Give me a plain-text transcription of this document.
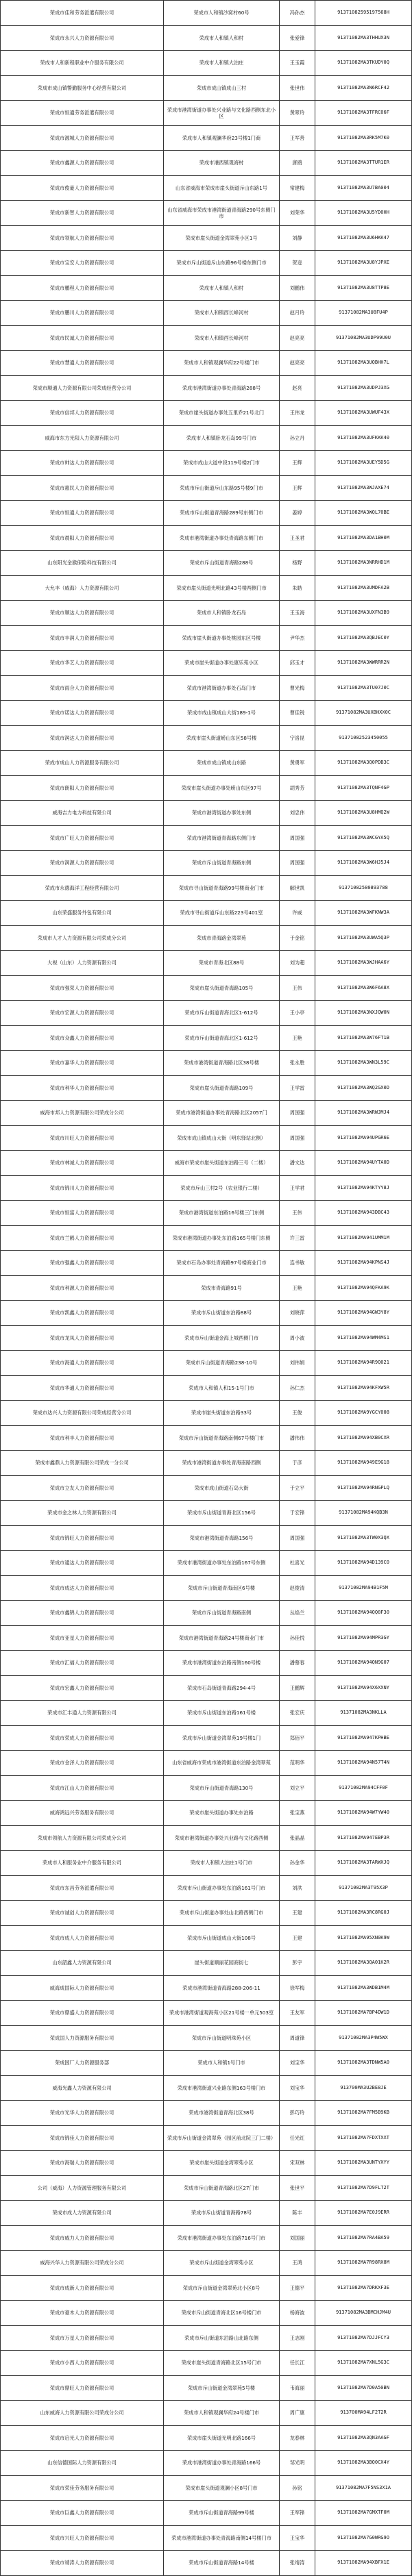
荣成市佳和劳务派遣有限公司	荣成市人和镇沙窝村60号	冯孙杰	91371082595197568H
荣成市永兴人力资源有限公司	荣成市人和镇人和村	张爱锋	91371082MA3THHUX3N
荣成市人和新程职业中介服务有限公司	荣成市人和镇大泊庄	王玉霞	91371082MA3TKUDY0Q
荣成市成山镇警勤服务中心经营有限公司	荣成市成山镇成山三村	张世伟	91371082MA3N6RCF42
荣成市恒通劳务派遣有限公司	荣成市港湾街道办事处兴业路与文化路西侧东北小区	黄翠玲	91371082MA3TFRC06F
荣成市源城人力资源有限公司	荣成市人和镇观澜华府23号楼1门商	王军善	91371082MA3RK5M7K0
荣成市鑫源人力资源有限公司	荣成市港西镇观海村	唐鸥	91371082MA3TTUR1ER
荣成市俊豪人力资源有限公司	山东省威海市荣成市崖头街道斥山东路1号	常建梅	91371082MA3U7BA004
荣成市新智人力资源有限公司	山东省威海市荣成市港湾街道青海路290号东侧门市	刘荣华	91371082MA3U5YD0HH
荣成市领航人力资源有限公司	荣成市崖头街道金湾翠苑小区1号	刘静	91371082MA3U6HKK47
荣成市宝安人力资源有限公司	荣成市斥山街道斥山东路96号楼东侧门市	贺迩	91371082MA3U8YJPXE
荣成市鹏程人力资源有限公司	荣成市人和镇人和村	刘鹏伟	91371082MA3U8TTP8E
荣成市鹏川人力资源有限公司	荣成市人和镇西长峰河村	赵月玲	91371082MA3U8FU4P
荣成市民诚人力资源有限公司	荣成市人和镇西长峰河村	赵亮亮	91371082MA3UDP99U0U
荣成市慧通人力资源有限公司	荣成市人和镇观澜华府22号楼门市	赵亮亮	91371082MA3UQBHH7L
荣成市顺通人力资源有限公司荣成经营分公司	荣成市港湾街道办事处青海路288号	赵亮	91371082MA3UDPJ3XG
荣成市信邦人力资源有限公司	荣成市崖头街道办事处五里乔21号北门	王伟龙	91371082MA3UWUF43X
威海市东方光阳人力资源有限公司	荣成市人和镇卧龙石岛99号门市	孙立丹	91371082MA3UFKKK40
荣成市帅达人力资源有限公司	荣成市成山大道中段119号楼2门市	王辉	91371082MA3UEY5D5G
荣成市惠民人力资源有限公司	荣成市斥山街道斥山东路95号楼9门市	王辉	91371082MA3WJAXE74
荣成市恒通人力资源有限公司	荣成市斥山街道青海路289号东侧门市	姜婷	91371082MA3WQL70BE
荣成市晨阳人力资源有限公司	荣成市港湾街道办事处青海路东侧门市	王圣君	91371082MA3DA1BH0M
山东阳光金猴保险科技有限公司	荣成市斥山街道青海路288号	杨野	91371082MA3NRRHD1M
大允丰（威海）人力资源有限公司	荣成市崖头街道光明北路43号楼两侧门市	朱皓	91371082MA3UMDFA2B
荣成市顺达人力资源有限公司	荣成市人和镇卧龙石岛	王玉海	91371082MA3UXFN3B9
荣成市丰润人力资源有限公司	荣成市崖头街道办事处桃园东区号楼	尹华杰	91371082MA3QBJEC0Y
荣成市华艺人力资源有限公司	荣成市崖头街道办事处康乐苑小区	邱玉才	91371082MA3WWRRR2N
荣成市雨合人力资源有限公司	荣成市港湾街道办事处石岛门市	曹光梅	91371082MA3TU07J0C
荣成市诺达人力资源有限公司	荣成市成山镇成山大街189-1号	曹佳锐	91371082MA3UXBHXX0C
荣成市润达人力资源有限公司	荣成市崖头街道崂山东区58号楼	宁洛昆	91371082523450055
荣成市成山人力资源服务有限公司	荣成市成山镇成山东路	黄勇军	91371082MA3Q0PDB3C
荣成市朗阳人力资源有限公司	荣成市崖头街道办事处崂山东区97号	胡秀芳	91371082MA3TQNF4GP
威海吉力电力科技有限公司	荣成市港湾街道办事处东侧	刘忠伟	91371082MA3U8HMQ2W
荣成市广旺人力资源有限公司	荣成市港湾街道青海路东侧门市	周国强	91371082MA3WCGYA5Q
荣成市润源人力资源有限公司	荣成市斥山街道青海路东侧	周国强	91371082MA3W6HJ5J4
荣成市永德海洋工程经营有限公司	荣成市寻山街道青海路99号楼商业门市	解世凯	91371082580893788
山东荣盛服务外包有限公司	荣成市寻山街道斥山东路223号401室	许威	91371082MA3WFKNW3A
荣成市人才人力资源有限公司荣成分公司	荣成市青海路金湾翠苑	于金铭	91371082MA3UWA5Q3P
大视（山东）人力资源有限公司	荣成市青海北区88号	刘为超	91371082MA3WJHAA6Y
荣成市强荣人力资源有限公司	荣成市崖头街道青海路105号	王伟	91371082MA3W6F6A8X
荣成市宏源人力资源有限公司	荣成市斥山街道青海北区1-612号	王小亭	91371082MA3NXJQW0N
荣成市众鑫人力资源有限公司	荣成市斥山街道青海北区1-612号	王艳	91371082MA3W76FT1B
荣成市嘉华人力资源有限公司	荣成市港湾街道青海路北区38号楼	张永胜	91371082MA3WN3L59C
荣成市利华人力资源有限公司	荣成市崖头街道青海路109号	王学雷	91371082MA3WQ2GX0D
威海市邦人力资源有限公司荣成分公司	荣成市港湾街道办事处青海路北区2057门	周国强	91371082MA3WRWJMJ4
荣成市川旺人力资源有限公司	荣成市成山镇成山大街（明东驿站北侧）	周国强	91371082MA94UPGR6E
荣成市林诚人力资源有限公司	威海市荣成市崖头街道东泊路三号（二楼）	潘文达	91371082MA94UYTA0D
荣成市锦川人力资源有限公司	荣成市斥山三村2号（农业银行二楼）	王学君	91371082MA94KTYY8J
荣成市恒富人力资源有限公司	荣成市港湾街道东泊路16号楼三门东侧	王伟	91371082MA943DBC43
荣成市兰鹤人力资源有限公司	荣成市港湾街道办事处东泊路165号楼门东侧	许三雷	91371082MA941UMM1M
荣成市强鑫人力资源有限公司	荣成市石岛办事处青海路97号楼商业门市	连书敏	91371082MA94KPNS4J
荣成市利源人力资源有限公司	荣成市青海路91号	王艳	91371082MA94QFKA9K
荣成市凯鑫人力资源有限公司	荣成市斥山街道东泊路88号	刘晓萍	91371082MA94GW3Y8Y
荣成市龙凤人力资源有限公司	荣成市斥山街道金海上城西侧门市	周小波	91371082MA94WM4MS1
荣成市海通人力资源有限公司	荣成市斥山街道青海路238-10号	刘伟娟	91371082MA94R9Q021
荣成市华通人力资源有限公司	荣成市人和镇人和15-1号门市	孙仁杰	91371082MA94KFXW5R
荣成市达兴人力资源有限公司荣成经营分公司	荣成市崖头街道东泊路33号	王俊	91371082MA9YGCY008
荣成市利丰人力资源有限公司	荣成市斥山街道青海路南侧67号楼门市	潘伟伟	91371082MA94XB0CXR
荣成市鑫鼎人力资源有限公司荣成一分公司	荣成市港湾街道办事处青海南路西侧	于彦	91371082MA949E9G18
荣成市立友人力资源有限公司	荣成市成山街道石岛大街	于立平	91371082MA94RNGPLQ
荣成市金之林人力资源有限公司	荣成市斥山街道青海北区156号	于宏锋	91371082MA94KQB3N
荣成市锦旺人力资源有限公司	荣成市港湾街道青海路156号	周国强	91371082MA3TW0X3QX
荣成市通达人力资源有限公司	荣成市港湾街道办事处东泊路167号东侧	杜喜光	91371082MA94D139C0
荣成市成达人力资源有限公司	荣成市斥山街道青海南区6号楼	赵俊清	91371082MA94B1F5M
荣成市鑫锦人力资源有限公司	荣成市斥山街道青海路南侧	丛焰兰	91371082MA94QQ8F30
荣成市亚星人力资源有限公司	荣成市港湾街道青海路24号楼商业门市	孙佳悦	91371082MA94MPR3GY
荣成市汇福人力资源有限公司	荣成市港湾街道东泊路南侧160号楼	潘慕春	91371082MA94QN9G07
荣成市宏鑫人力资源有限公司	荣成市石岛街道青海路294-4号	王鹏辉	91371082MA94X6XXNY
荣成市汇丰通人力资源有限公司	荣成市斥山街道东泊路161号楼	张宏庆	91371082MA3NKLLA
荣成市荣成人力资源有限公司	荣成市斥山街道金湾翠苑19号楼1门	郑佰平	91371082MA947KPHBE
荣成市金泽人力资源有限公司	山东省威海市荣成市港湾街道东泊路金湾翠苑	范明华	91371082MA94N57T4N
荣成市江山人力资源有限公司	荣成市斥山街道青海路130号	刘立平	91371082MA94CFF0F
威海鸿远兴劳务服务有限公司	荣成市崖头街道办事处东泊路	张宝燕	91371082MA94W7YW40
荣成市领航人力资源有限公司荣成分公司	荣成市港湾街道办事处兴业路与文化路西侧	张晶晶	91371082MA947EBP3R
荣成市人和服务业中介服务有限公司	荣成市人和镇大泊庄1号门市	孙金华	91371082MA3TARWXJQ
荣成市东昌劳务派遣有限公司	荣成市斥山街道办事处东泊路161号门市	刘洪	91371082MA3T95X3P
荣成市诚创人力资源有限公司	荣成市斥山街道办事处山北路西侧门市	王建	91371082MA3RC8RG0J
荣成市成人人力资源有限公司	荣成市斥山街道成山大街108号	王建	91371082MA95XN0K9W
山东韶鑫人力资源有限公司	崖头街道顺丽花园商街七	彭宇	91371082MA3QA01K2R
威海成国际人力资源有限公司	荣成市港湾街道青海路288-206-11	徐军梅	91371082MA3WDB1M4M
荣成市鼎盛人力资源有限公司	荣成市港湾街道观海苑小区21号楼一单元503室	王友军	91371082MA7BP4DW1D
荣成国人力资源服务有限公司	荣成市斥山街道明珠苑小区	周道锋	91371082MA3P4W5WX
荣成国厂人力资源服务部	荣成市人和镇1号门市	刘宝华	91371082MA3TDNW5A0
威海光鑫人力资源有限公司	荣成市港湾街道兴业路东侧163号楼门市	刘宝华	913700MA3U2BE8JE
荣成市光华人力资源有限公司	荣成市港湾街道青海北区38号	彭巧玲	91371082MA7FM5B9KB
荣成市锦佳人力资源有限公司	荣成市斥山街道金湾翠苑（园区前北院三门二楼）	任光红	91371082MA7FDXTXXT
荣成市海瑞人力资源有限公司	荣成市崖头街道金湾翠苑小区	宋双林	91371082MA3UNTYXYY
公司（威海）人力资源管理服务有限公司	荣成市斥山街道青海路北区27门市	张世平	91371082MA7D9FLT2T
荣成市成人力资源有限公司	荣成市斥山街道青海路78号	陈丰	91371082MA7E0J9ERR
荣成市威力人力资源有限公司	荣成市港湾街道办事处东泊路716号门市	刘国丽	91371082MA7RA4BA59
威海兴华人力资源有限公司荣成分公司	荣成市斥山街道金湾翠苑小区	王鸿	91371082MA7R98RX8M
荣成市成新人力资源有限公司	荣成市斥山街道金湾翠苑北小区8号	王德平	91371082MA7DRKXF3E
荣成市豪木人力资源有限公司	荣成市斥山街道青海北区16号楼门市	杨海波	91371082MA3BMCHJM4U
荣成市万星人力资源有限公司	荣成市斥山街道东泊路山北路东侧	王志刚	91371082MA7DJJFCY3
荣成市小西人力资源有限公司	荣成市崖头街道青海路北区15号门市	任长江	91371082MA7XNL5G3C
荣成市鼎旺人力资源有限公司	荣成市斥山街道金湾翠苑5号楼	韦海丽	91371082MA7D0A50BN
山东威海人力资源有限公司荣成分公司	荣成市人和镇观澜华府24号楼门市	周广康	913700MA94LF2T2R
荣成市启光人力资源有限公司	荣成市崖头街道光明北路166号	龙春林	91371082MA3QN3AAGF
山东信德国际人力资源有限公司	荣成市港湾街道办事处青海路166号	邹光明	91371082MA3BQ0CX4Y
荣成市荣佳劳务服务有限公司	荣成市崖头街道观澜小区8号门市	孙铭	91371082MA7F5NS3X1A
荣成市巨鑫人力资源有限公司	荣成市斥山街道青海路99号楼	王军锋	91371082MA7GMXTF0M
荣成市兴旺人力资源有限公司	荣成市港湾街道办事处青海路南侧14号楼门市	王宝华	91371082MA7G0WRG9O
荣成市靖涛人力资源有限公司	荣成市斥山街道青海路14号楼	张靖涛	91371082MA94XBFX1E
